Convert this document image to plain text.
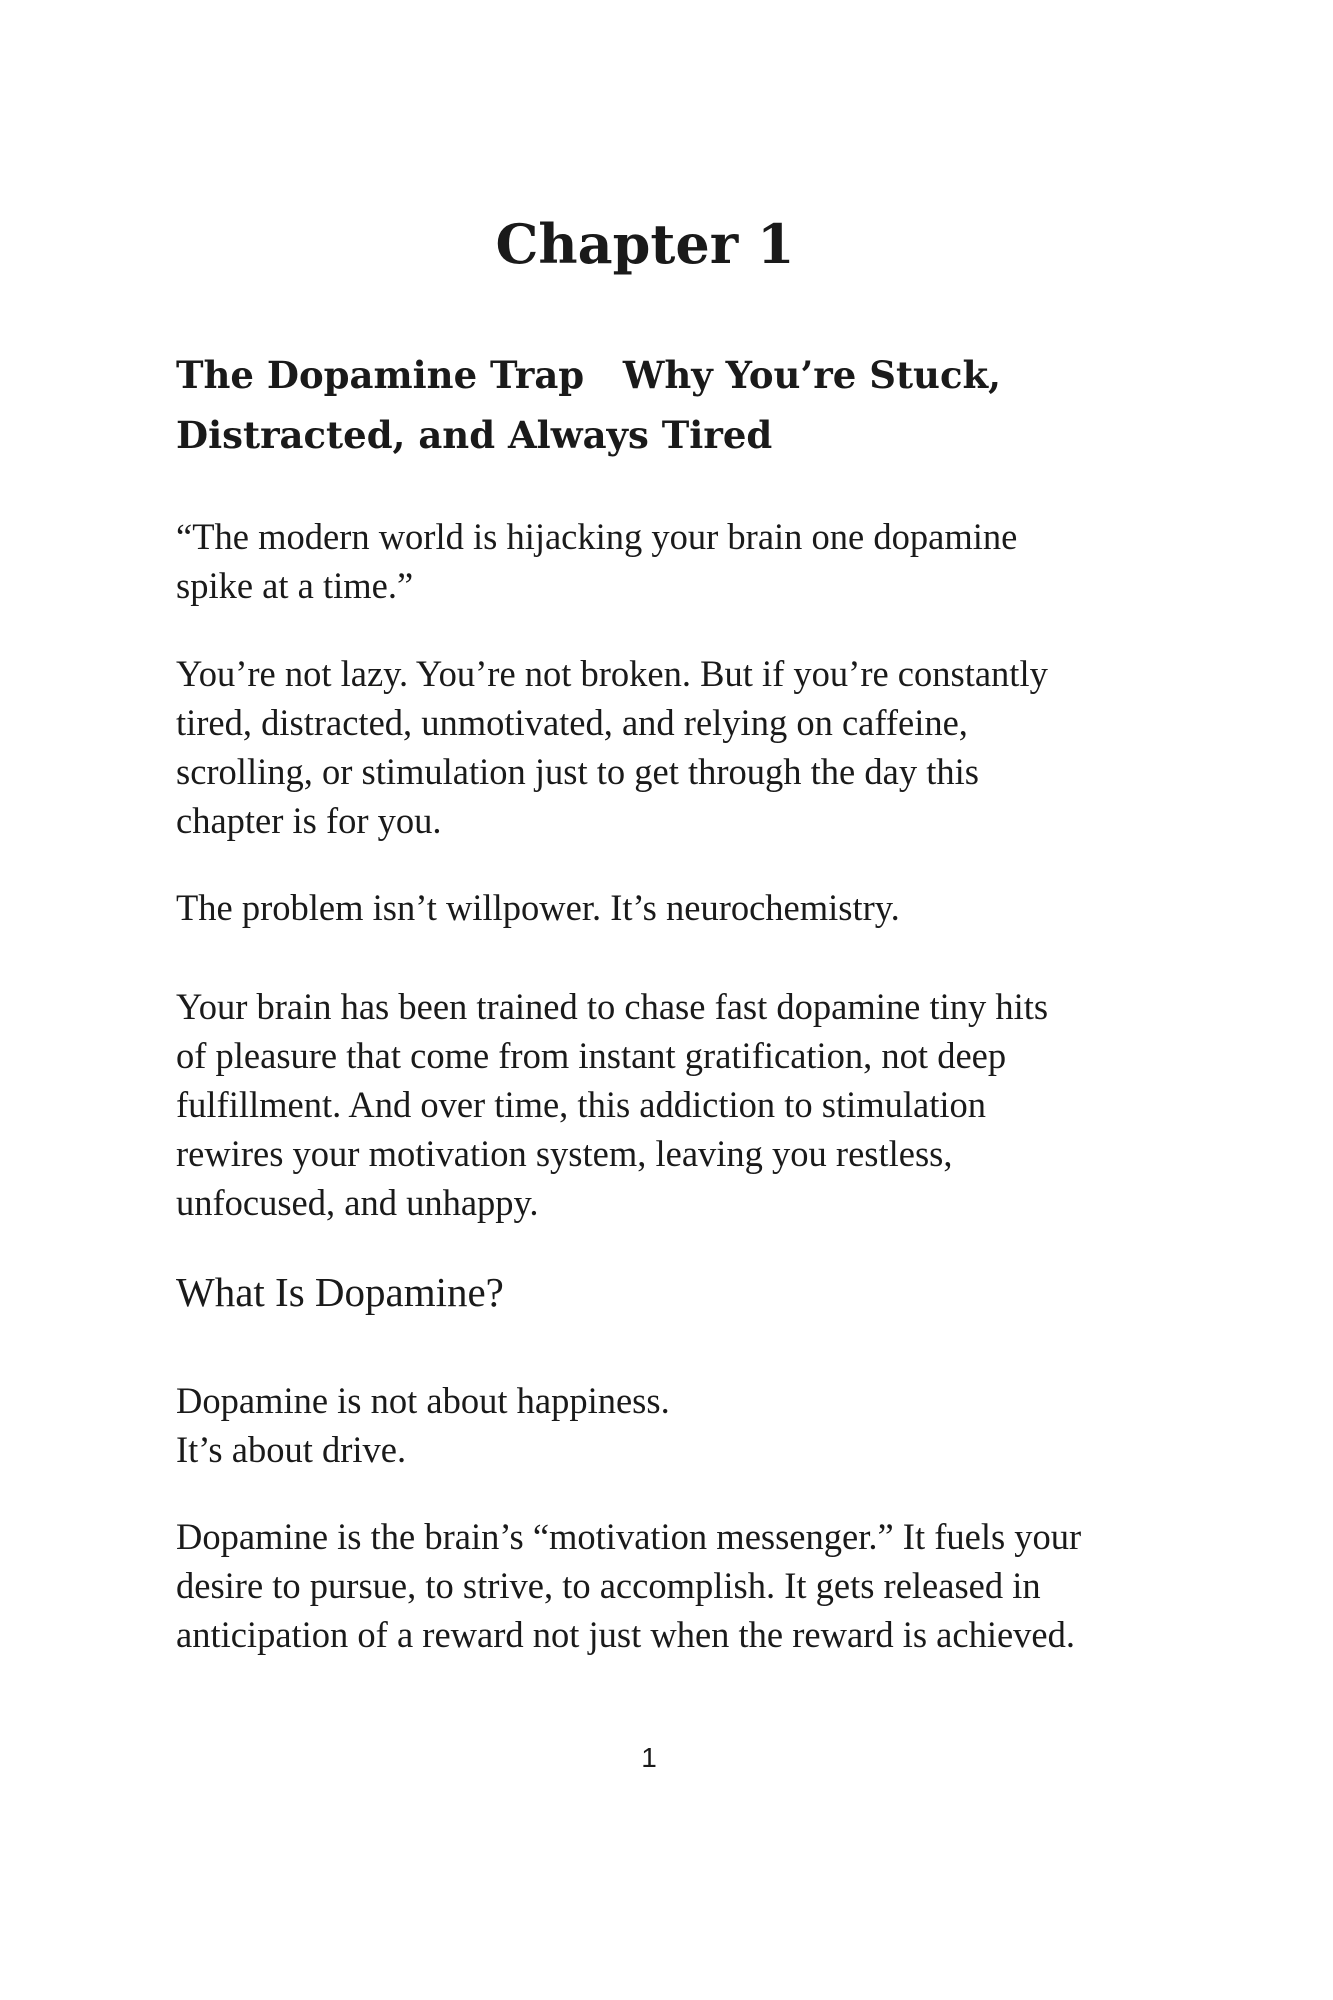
Chapter 1
The Dopamine Trap   Why You’re Stuck,
Distracted, and Always Tired

“The modern world is hijacking your brain one dopamine
spike at a time.”

You’re not lazy. You’re not broken. But if you’re constantly
tired, distracted, unmotivated, and relying on caffeine,
scrolling, or stimulation just to get through the day this
chapter is for you.

The problem isn’t willpower. It’s neurochemistry.

Your brain has been trained to chase fast dopamine tiny hits
of pleasure that come from instant gratification, not deep
fulfillment. And over time, this addiction to stimulation
rewires your motivation system, leaving you restless,
unfocused, and unhappy.

What Is Dopamine?

Dopamine is not about happiness.
It’s about drive.

Dopamine is the brain’s “motivation messenger.” It fuels your
desire to pursue, to strive, to accomplish. It gets released in
anticipation of a reward not just when the reward is achieved.

1
